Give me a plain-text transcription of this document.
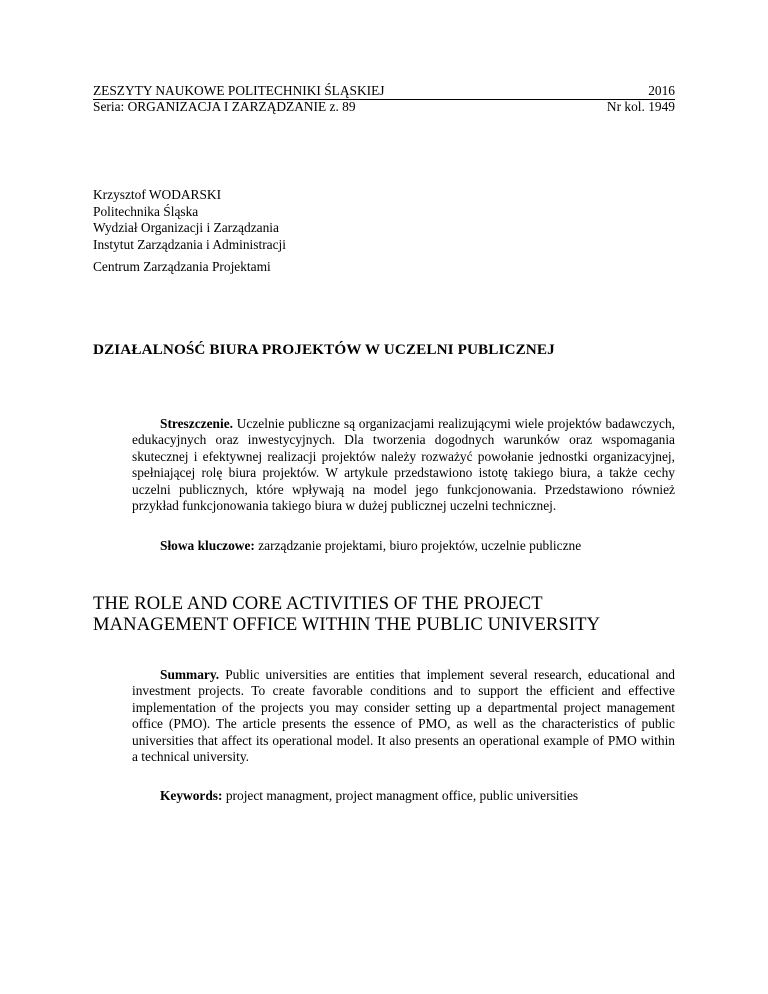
ZESZYTY NAUKOWE POLITECHNIKI ŚLĄSKIEJ	2016
Seria: ORGANIZACJA I ZARZĄDZANIE z. 89	Nr kol. 1949
Krzysztof WODARSKI
Politechnika Śląska
Wydział Organizacji i Zarządzania
Instytut Zarządzania i Administracji
Centrum Zarządzania Projektami
DZIAŁALNOŚĆ BIURA PROJEKTÓW W UCZELNI PUBLICZNEJ
Streszczenie. Uczelnie publiczne są organizacjami realizującymi wiele projektów badawczych, edukacyjnych oraz inwestycyjnych. Dla tworzenia dogodnych warunków oraz wspomagania skutecznej i efektywnej realizacji projektów należy rozważyć powołanie jednostki organizacyjnej, spełniającej rolę biura projektów. W artykule przedstawiono istotę takiego biura, a także cechy uczelni publicznych, które wpływają na model jego funkcjonowania. Przedstawiono również przykład funkcjonowania takiego biura w dużej publicznej uczelni technicznej.
Słowa kluczowe: zarządzanie projektami, biuro projektów, uczelnie publiczne
THE ROLE AND CORE ACTIVITIES OF THE PROJECT
MANAGEMENT OFFICE WITHIN THE PUBLIC UNIVERSITY
Summary. Public universities are entities that implement several research, educational and investment projects. To create favorable conditions and to support the efficient and effective implementation of the projects you may consider setting up a departmental project management office (PMO). The article presents the essence of PMO, as well as the characteristics of public universities that affect its operational model. It also presents an operational example of PMO within a technical university.
Keywords: project managment, project managment office, public universities
